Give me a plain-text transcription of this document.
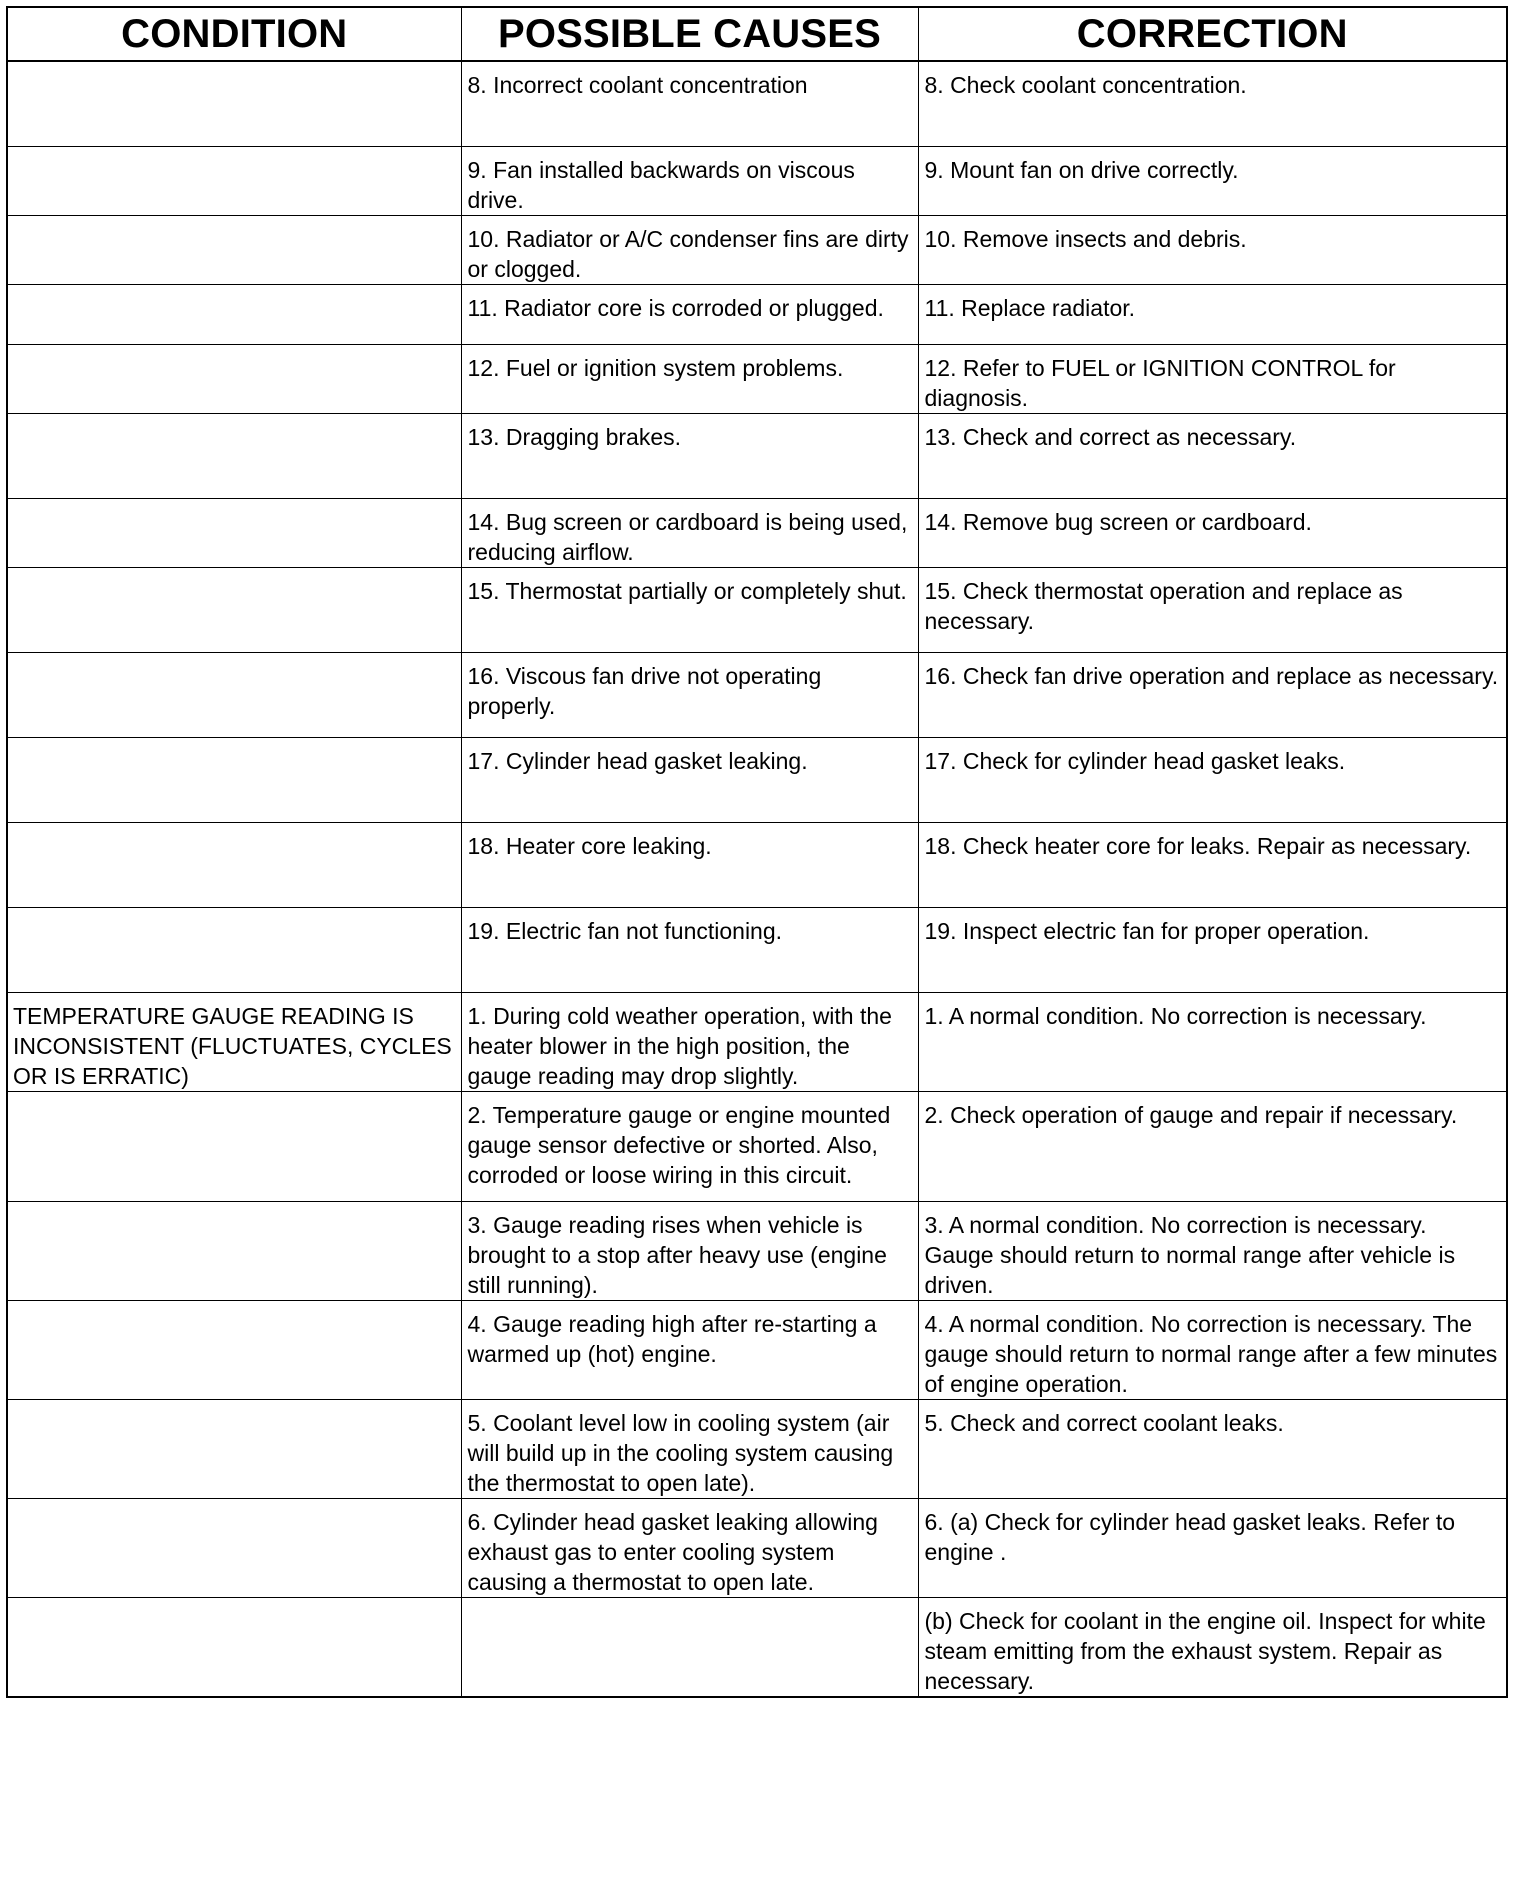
CONDITION	POSSIBLE CAUSES	CORRECTION
	8. Incorrect coolant concentration	8. Check coolant concentration.
	9. Fan installed backwards on viscous drive.	9. Mount fan on drive correctly.
	10. Radiator or A/C condenser fins are dirty or clogged.	10. Remove insects and debris.
	11. Radiator core is corroded or plugged.	11. Replace radiator.
	12. Fuel or ignition system problems.	12. Refer to FUEL or IGNITION CONTROL for diagnosis.
	13. Dragging brakes.	13. Check and correct as necessary.
	14. Bug screen or cardboard is being used, reducing airflow.	14. Remove bug screen or cardboard.
	15. Thermostat partially or completely shut.	15. Check thermostat operation and replace as necessary.
	16. Viscous fan drive not operating properly.	16. Check fan drive operation and replace as necessary.
	17. Cylinder head gasket leaking.	17. Check for cylinder head gasket leaks.
	18. Heater core leaking.	18. Check heater core for leaks. Repair as necessary.
	19. Electric fan not functioning.	19. Inspect electric fan for proper operation.
TEMPERATURE GAUGE READING IS INCONSISTENT (FLUCTUATES, CYCLES OR IS ERRATIC)	1. During cold weather operation, with the heater blower in the high position, the gauge reading may drop slightly.	1. A normal condition. No correction is necessary.
	2. Temperature gauge or engine mounted gauge sensor defective or shorted. Also, corroded or loose wiring in this circuit.	2. Check operation of gauge and repair if necessary.
	3. Gauge reading rises when vehicle is brought to a stop after heavy use (engine still running).	3. A normal condition. No correction is necessary. Gauge should return to normal range after vehicle is driven.
	4. Gauge reading high after re-starting a warmed up (hot) engine.	4. A normal condition. No correction is necessary. The gauge should return to normal range after a few minutes of engine operation.
	5. Coolant level low in cooling system (air will build up in the cooling system causing the thermostat to open late).	5. Check and correct coolant leaks.
	6. Cylinder head gasket leaking allowing exhaust gas to enter cooling system causing a thermostat to open late.	6. (a) Check for cylinder head gasket leaks. Refer to engine .
		(b) Check for coolant in the engine oil. Inspect for white steam emitting from the exhaust system. Repair as necessary.
